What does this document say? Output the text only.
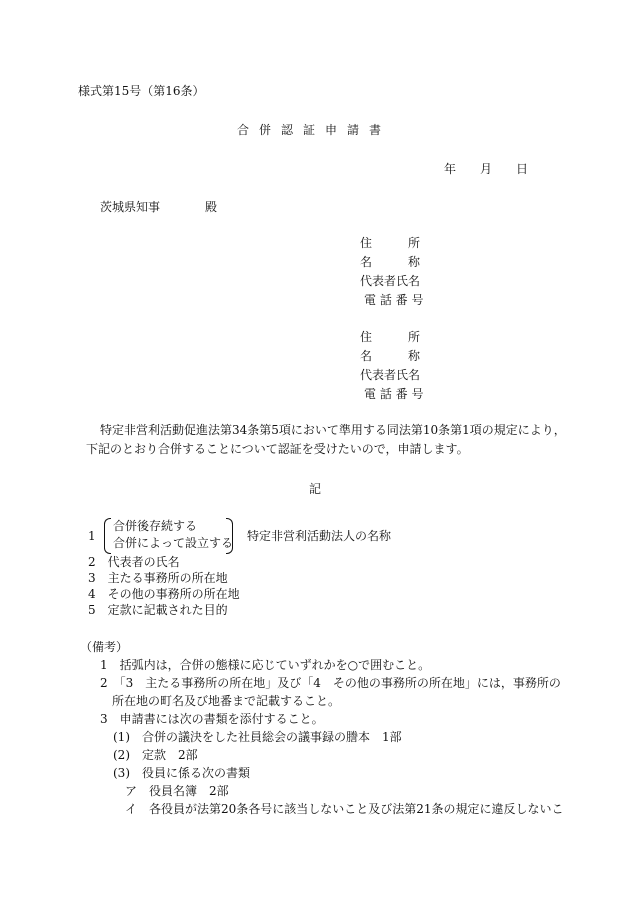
様式第15号（第16条）
合併認証申請書
年 月 日
茨城県知事	殿
住	所
名	称
代表者氏名
電 話 番 号
住	所
名	称
代表者氏名
電 話 番 号
特定非営利活動促進法第34条第5項において準用する同法第10条第1項の規定により，
下記のとおり合併することについて認証を受けたいので，申請します。
記
1
合併後存続する
合併によって設立する 特定非営利活動法人の名称
2　代表者の氏名
3　主たる事務所の所在地
4　その他の事務所の所在地
5　定款に記載された目的
（備考）
1　括弧内は，合併の態様に応じていずれかを○で囲むこと。
2　「3　主たる事務所の所在地」及び「4　その他の事務所の所在地」には，事務所の
所在地の町名及び地番まで記載すること。
3　申請書には次の書類を添付すること。
(1)　合併の議決をした社員総会の議事録の謄本　1部
(2)　定款　2部
(3)　役員に係る次の書類
ア　役員名簿　2部
イ　各役員が法第20条各号に該当しないこと及び法第21条の規定に違反しないこ
